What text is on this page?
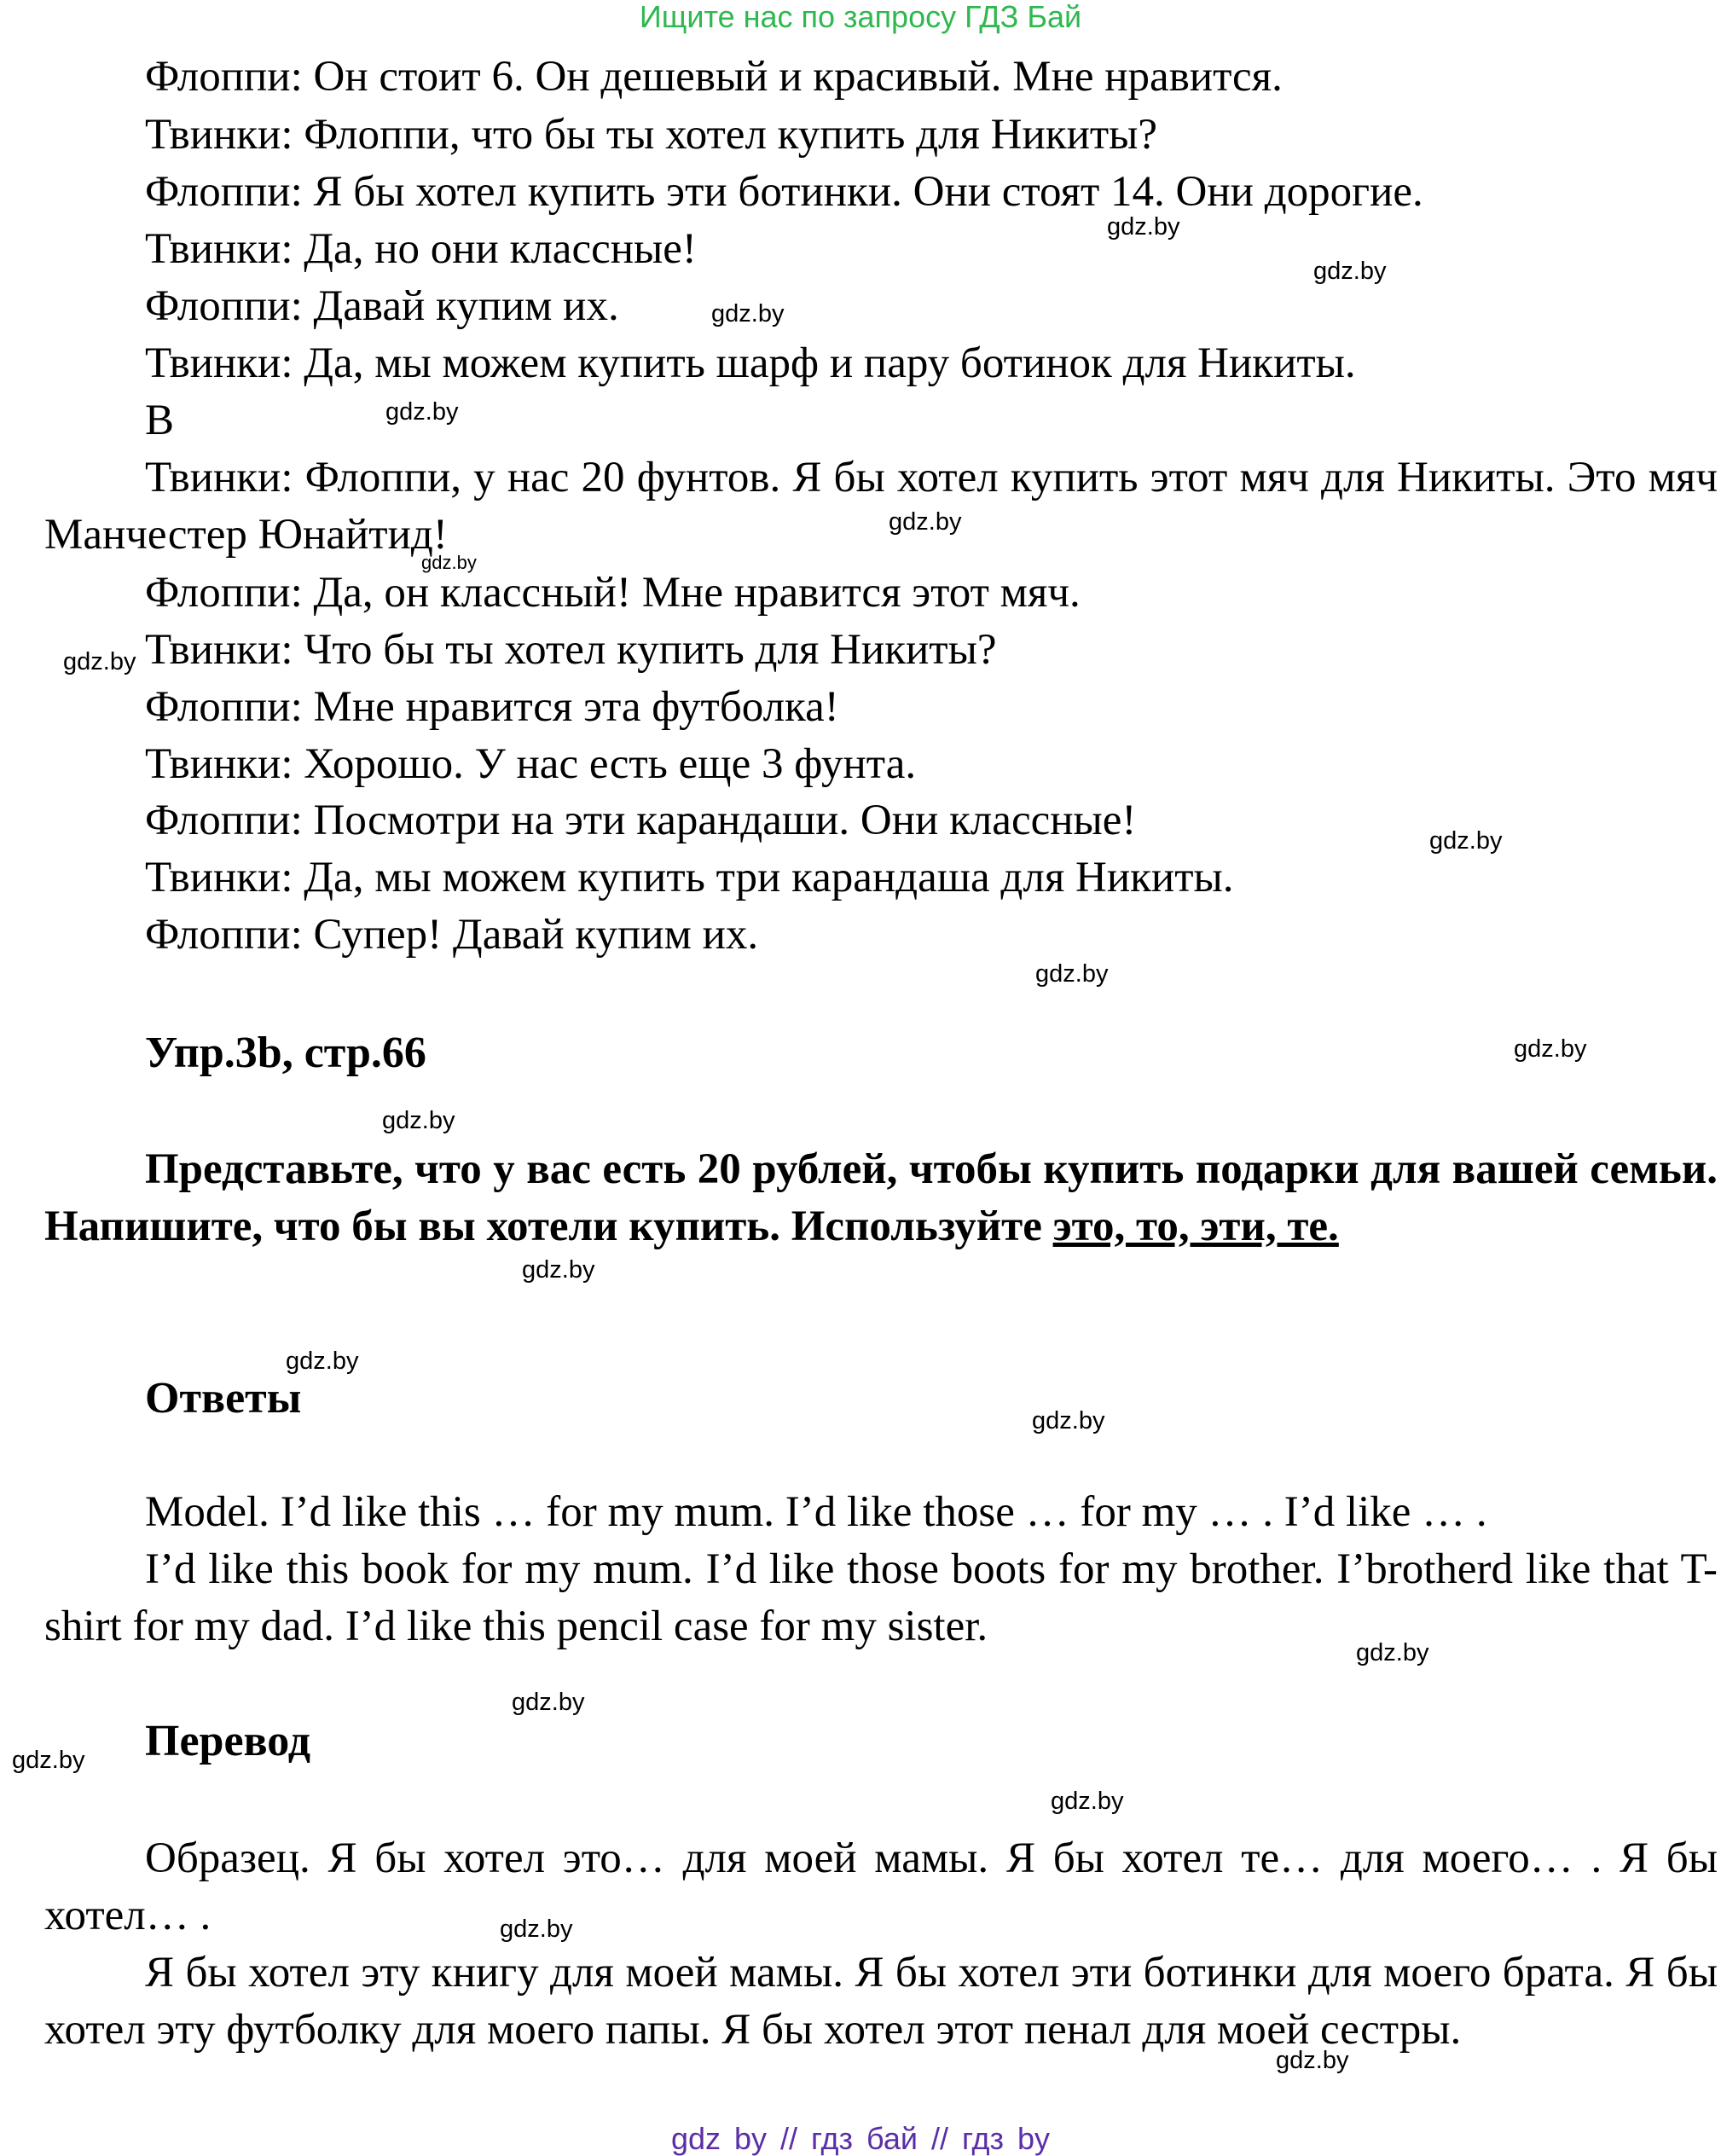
Ищите нас по запросу ГДЗ Бай
Флоппи: Он стоит 6. Он дешевый и красивый. Мне нравится.
Твинки: Флоппи, что бы ты хотел купить для Никиты?
Флоппи: Я бы хотел купить эти ботинки. Они стоят 14. Они дорогие.
Твинки: Да, но они классные!
Флоппи: Давай купим их.
Твинки: Да, мы можем купить шарф и пару ботинок для Никиты.
B
Твинки: Флоппи, у нас 20 фунтов. Я бы хотел купить этот мяч для Никиты. Это мяч Манчестер Юнайтид!
Флоппи: Да, он классный! Мне нравится этот мяч.
Твинки: Что бы ты хотел купить для Никиты?
Флоппи: Мне нравится эта футболка!
Твинки: Хорошо. У нас есть еще 3 фунта.
Флоппи: Посмотри на эти карандаши. Они классные!
Твинки: Да, мы можем купить три карандаша для Никиты.
Флоппи: Супер! Давай купим их.
Упр.3b, стр.66
Представьте, что у вас есть 20 рублей, чтобы купить подарки для вашей семьи. Напишите, что бы вы хотели купить. Используйте это, то, эти, те.
Ответы
Model. I’d like this … for my mum. I’d like those … for my … . I’d like … .
I’d like this book for my mum. I’d like those boots for my brother. I’brotherd like that T-shirt for my dad. I’d like this pencil case for my sister.
Перевод
Образец. Я бы хотел это… для моей мамы. Я бы хотел те… для моего… . Я бы хотел… .
Я бы хотел эту книгу для моей мамы. Я бы хотел эти ботинки для моего брата. Я бы хотел эту футболку для моего папы. Я бы хотел этот пенал для моей сестры.
gdz.by
gdz.by
gdz.by
gdz.by
gdz.by
gdz.by
gdz.by
gdz.by
gdz.by
gdz.by
gdz.by
gdz.by
gdz.by
gdz.by
gdz.by
gdz.by
gdz.by
gdz.by
gdz.by
gdz.by
gdz by // гдз бай // гдз by
